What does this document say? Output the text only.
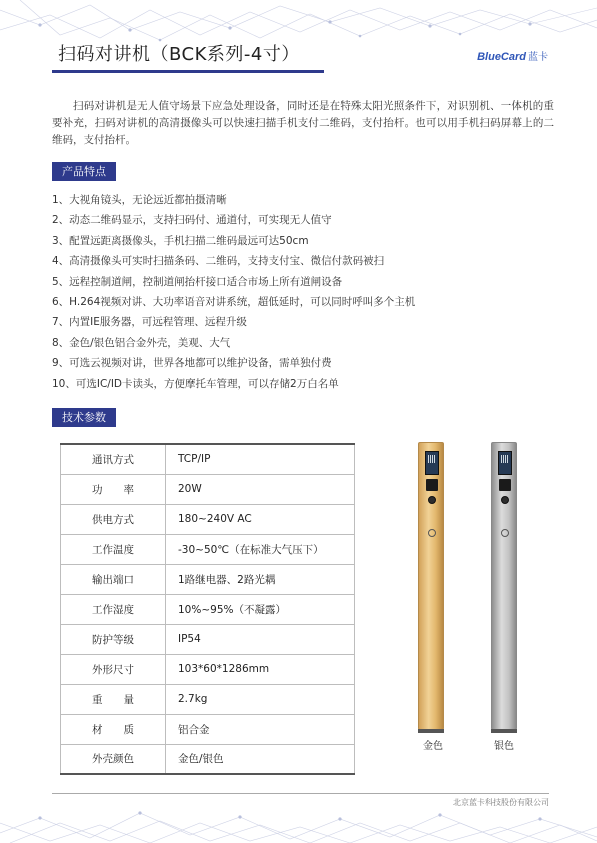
扫码对讲机（BCK系列-4寸）	BlueCard 蓝卡

扫码对讲机是无人值守场景下应急处理设备，同时还是在特殊太阳光照条件下，对识别机、一体机的重要补充，扫码对讲机的高清摄像头可以快速扫描手机支付二维码，支付抬杆。也可以用手机扫码屏幕上的二维码，支付抬杆。

产品特点
1、大视角镜头，无论远近都拍摄清晰
2、动态二维码显示，支持扫码付、通道付，可实现无人值守
3、配置远距离摄像头，手机扫描二维码最远可达50cm
4、高清摄像头可实时扫描条码、二维码，支持支付宝、微信付款码被扫
5、远程控制道闸，控制道闸抬杆接口适合市场上所有道闸设备
6、H.264视频对讲、大功率语音对讲系统，超低延时，可以同时呼叫多个主机
7、内置IE服务器，可远程管理、远程升级
8、金色/银色铝合金外壳，美观、大气
9、可选云视频对讲，世界各地都可以维护设备，需单独付费
10、可选IC/ID卡读头，方便摩托车管理，可以存储2万白名单
技术参数
通讯方式	TCP/IP
功　　率	20W
供电方式	180~240V AC
工作温度	-30~50℃（在标准大气压下）
输出端口	1路继电器、2路光耦
工作湿度	10%~95%（不凝露）
防护等级	IP54
外形尺寸	103*60*1286mm
重　　量	2.7kg
材　　质	铝合金
外壳颜色	金色/银色
金色	银色
北京蓝卡科技股份有限公司
